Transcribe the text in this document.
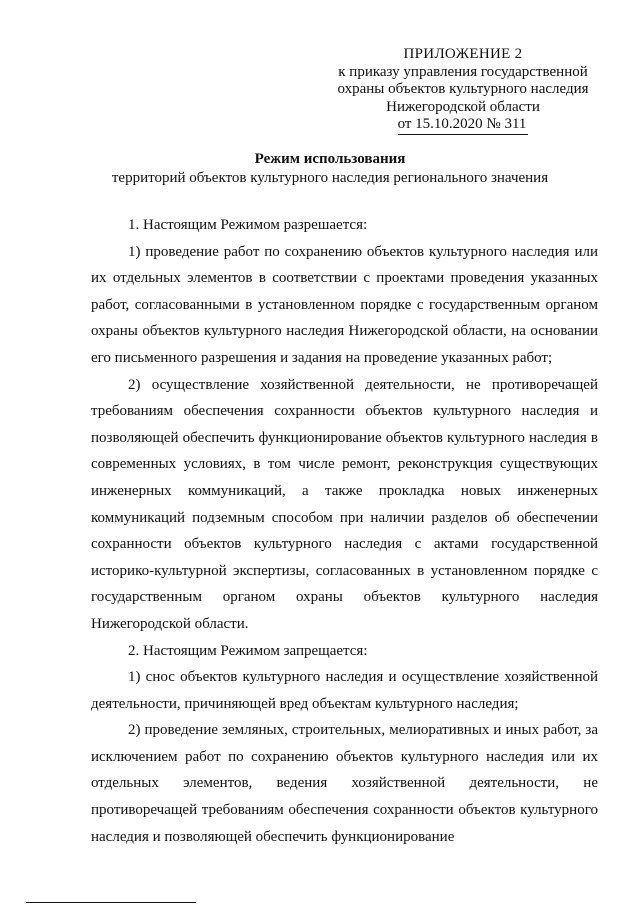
ПРИЛОЖЕНИЕ 2
к приказу управления государственной
охраны объектов культурного наследия
Нижегородской области
от 15.10.2020 № 311
Режим использования
территорий объектов культурного наследия регионального значения

1. Настоящим Режимом разрешается:

1) проведение работ по сохранению объектов культурного наследия или их отдельных элементов в соответствии с проектами проведения указанных работ, согласованными в установленном порядке с государственным органом охраны объектов культурного наследия Нижегородской области, на основании его письменного разрешения и задания на проведение указанных работ;

2) осуществление хозяйственной деятельности, не противоречащей требованиям обеспечения сохранности объектов культурного наследия и позволяющей обеспечить функционирование объектов культурного наследия в современных условиях, в том числе ремонт, реконструкция существующих инженерных коммуникаций, а также прокладка новых инженерных коммуникаций подземным способом при наличии разделов об обеспечении сохранности объектов культурного наследия с актами государственной историко-культурной экспертизы, согласованных в установленном порядке с государственным органом охраны объектов культурного наследия Нижегородской области.

2. Настоящим Режимом запрещается:

1) снос объектов культурного наследия и осуществление хозяйственной деятельности, причиняющей вред объектам культурного наследия;

2) проведение земляных, строительных, мелиоративных и иных работ, за исключением работ по сохранению объектов культурного наследия или их отдельных элементов, ведения хозяйственной деятельности, не противоречащей требованиям обеспечения сохранности объектов культурного наследия и позволяющей обеспечить функционирование
